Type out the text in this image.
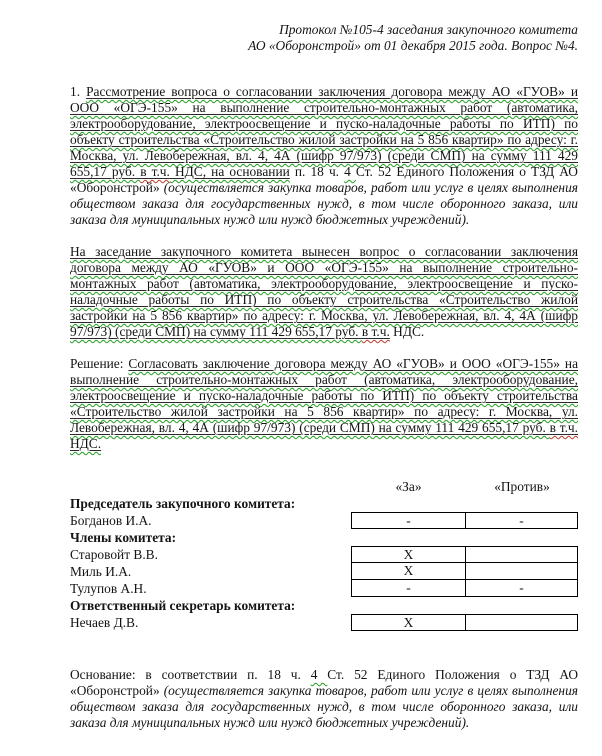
Протокол №105-4 заседания закупочного комитета
АО «Оборонстрой» от 01 декабря 2015 года. Вопрос №4.

1. Рассмотрение вопроса о согласовании заключения договора между АО «ГУОВ» и ООО «ОГЭ-155» на выполнение строительно-монтажных работ (автоматика, электрооборудование, электроосвещение и пуско-наладочные работы по ИТП) по объекту строительства «Строительство жилой застройки на 5 856 квартир» по адресу: г. Москва, ул. Левобережная, вл. 4, 4А (шифр 97/973) (среди СМП) на сумму 111 429 655,17 руб. в т.ч. НДС, на основании п. 18 ч. 4 Ст. 52 Единого Положения о ТЗД АО «Оборонстрой» (осуществляется закупка товаров, работ или услуг в целях выполнения обществом заказа для государственных нужд, в том числе оборонного заказа, или заказа для муниципальных нужд или нужд бюджетных учреждений).

На заседание закупочного комитета вынесен вопрос о согласовании заключения договора между АО «ГУОВ» и ООО «ОГЭ-155» на выполнение строительно-монтажных работ (автоматика, электрооборудование, электроосвещение и пуско-наладочные работы по ИТП) по объекту строительства «Строительство жилой застройки на 5 856 квартир» по адресу: г. Москва, ул. Левобережная, вл. 4, 4А (шифр 97/973) (среди СМП) на сумму 111 429 655,17 руб. в т.ч. НДС.

Решение: Согласовать заключение договора между АО «ГУОВ» и ООО «ОГЭ-155» на выполнение строительно-монтажных работ (автоматика, электрооборудование, электроосвещение и пуско-наладочные работы по ИТП) по объекту строительства «Строительство жилой застройки на 5 856 квартир» по адресу: г. Москва, ул. Левобережная, вл. 4, 4А (шифр 97/973) (среди СМП) на сумму 111 429 655,17 руб. в т.ч. НДС.

«За»	«Против»
Председатель закупочного комитета:
Богданов И.А.	-	-
Члены комитета:
Старовойт В.В.	X
Миль И.А.	X
Тулупов А.Н.	-	-
Ответственный секретарь комитета:
Нечаев Д.В.	X

Основание: в соответствии п. 18 ч. 4 Ст. 52 Единого Положения о ТЗД АО «Оборонстрой» (осуществляется закупка товаров, работ или услуг в целях выполнения обществом заказа для государственных нужд, в том числе оборонного заказа, или заказа для муниципальных нужд или нужд бюджетных учреждений).
